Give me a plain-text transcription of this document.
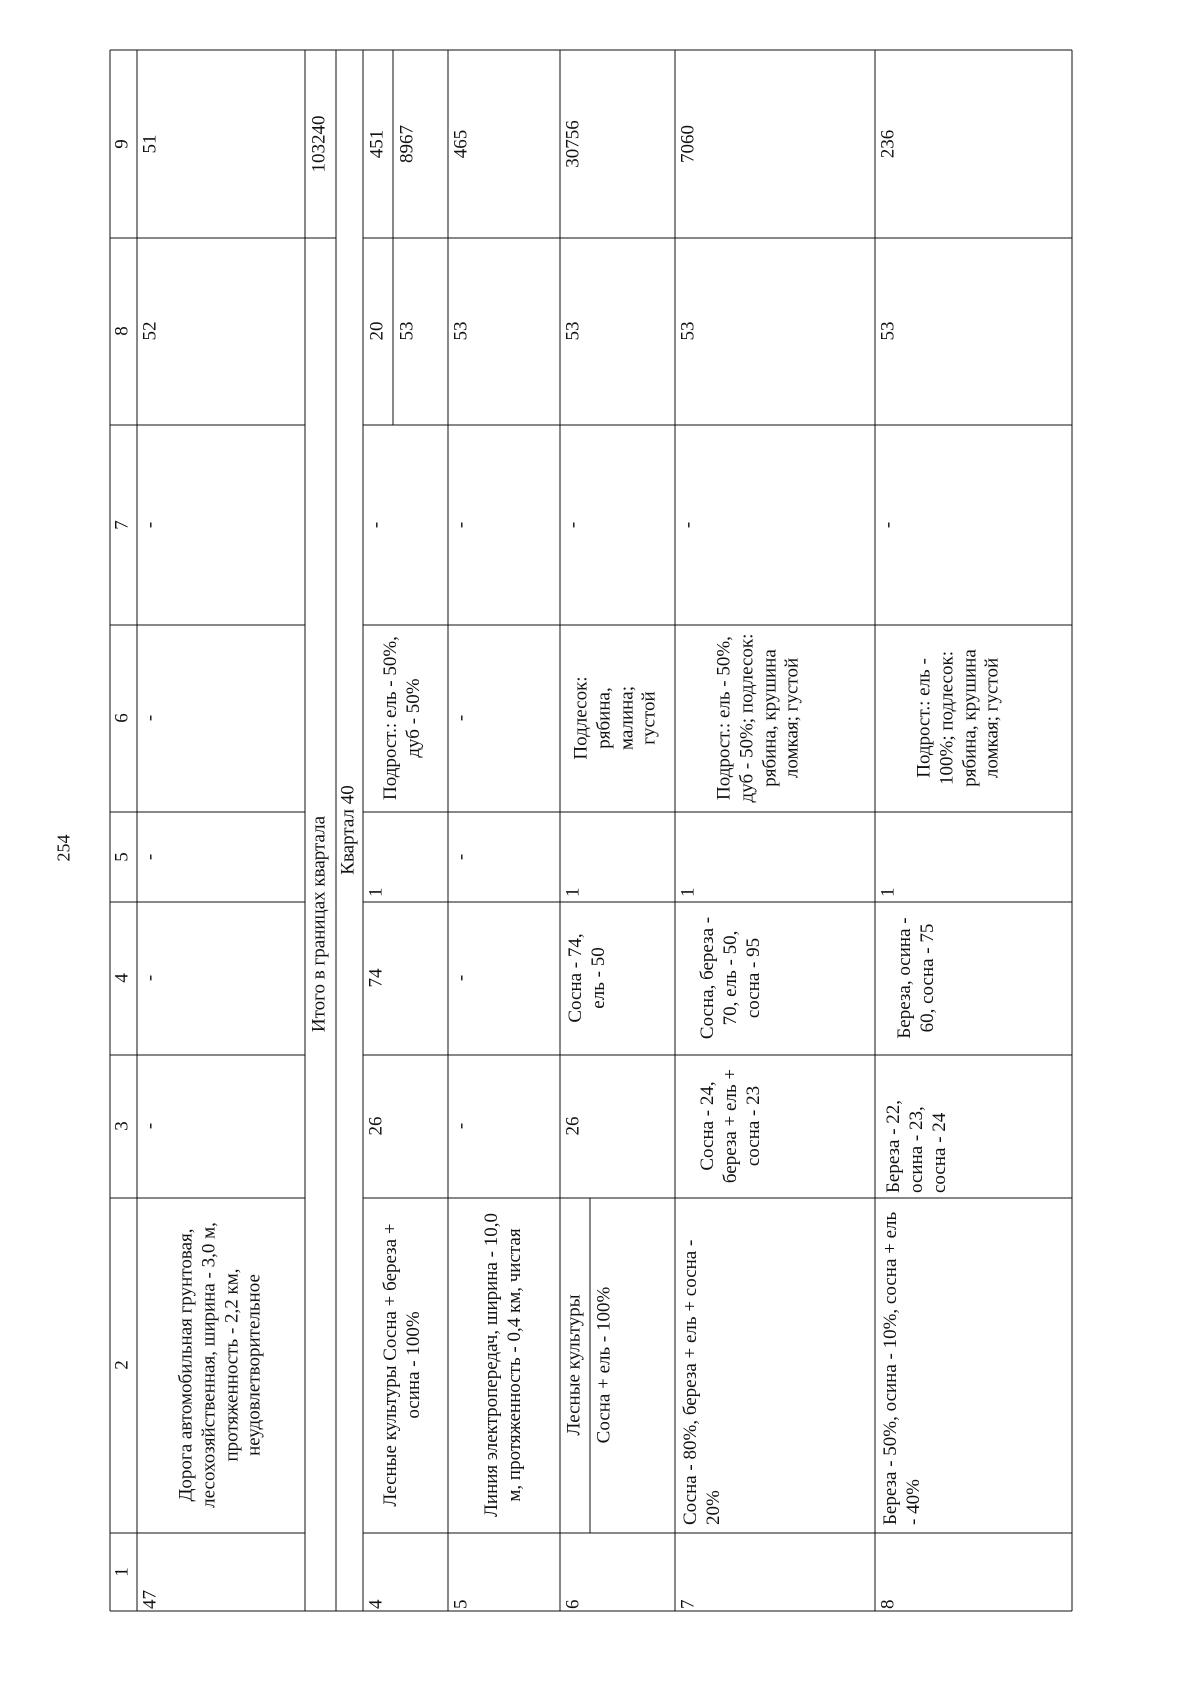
254
1
2
3
4
5
6
7
8
9
47
Дорога автомобильная грунтовая, лесохозяйственная, ширина - 3,0 м, протяженность - 2,2 км, неудовлетворительное
-
-
-
-
-
52
51
Итого в границах квартала
103240
Квартал 40
4
Лесные культуры Сосна + береза + осина - 100%
26
74
1
Подрост.: ель - 50%, дуб - 50%
-
20 53
451 8967
5
Линия электропередач, ширина - 10,0 м, протяженность - 0,4 км, чистая
-
-
-
-
-
53
465
6
Лесные культуры Сосна + ель - 100%
26
Сосна - 74, ель - 50
1
Подлесок: рябина, малина; густой
-
53
30756
7
Сосна - 80%, береза + ель + сосна - 20%
Сосна - 24, береза + ель + сосна - 23
Сосна, береза - 70, ель - 50, сосна - 95
1
Подрост.: ель - 50%, дуб - 50%; подлесок: рябина, крушина ломкая; густой
-
53
7060
8
Береза - 50%, осина - 10%, сосна + ель - 40%
Береза - 22, осина - 23, сосна - 24
Береза, осина - 60, сосна - 75
1
Подрост.: ель - 100%; подлесок: рябина, крушина ломкая; густой
-
53
236
